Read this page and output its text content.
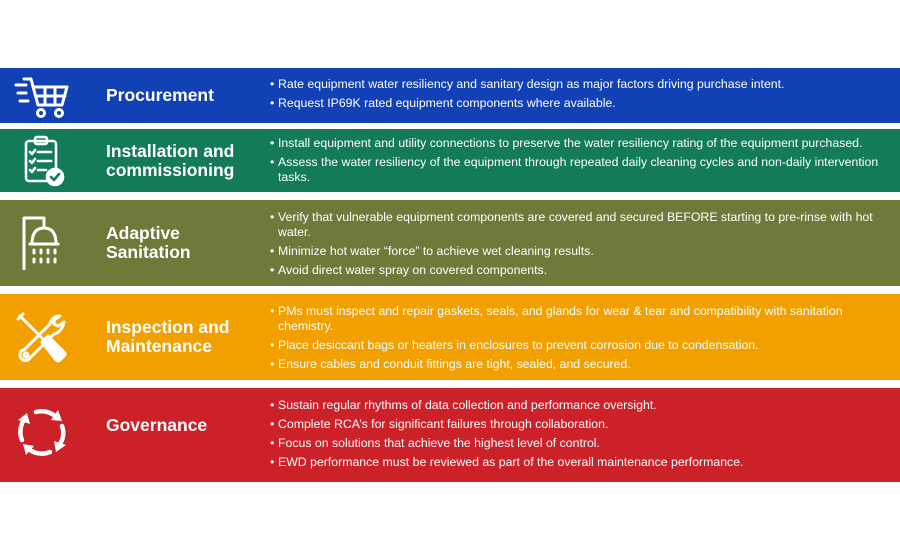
Procurement
• Rate equipment water resiliency and sanitary design as major factors driving purchase intent.
• Request IP69K rated equipment components where available.
Installation and commissioning
• Install equipment and utility connections to preserve the water resiliency rating of the equipment purchased.
• Assess the water resiliency of the equipment through repeated daily cleaning cycles and non-daily intervention tasks.
Adaptive Sanitation
• Verify that vulnerable equipment components are covered and secured BEFORE starting to pre-rinse with hot water.
• Minimize hot water “force” to achieve wet cleaning results.
• Avoid direct water spray on covered components.
Inspection and Maintenance
• PMs must inspect and repair gaskets, seals, and glands for wear & tear and compatibility with sanitation chemistry.
• Place desiccant bags or heaters in enclosures to prevent corrosion due to condensation.
• Ensure cables and conduit fittings are tight, sealed, and secured.
Governance
• Sustain regular rhythms of data collection and performance oversight.
• Complete RCA’s for significant failures through collaboration.
• Focus on solutions that achieve the highest level of control.
• EWD performance must be reviewed as part of the overall maintenance performance.
